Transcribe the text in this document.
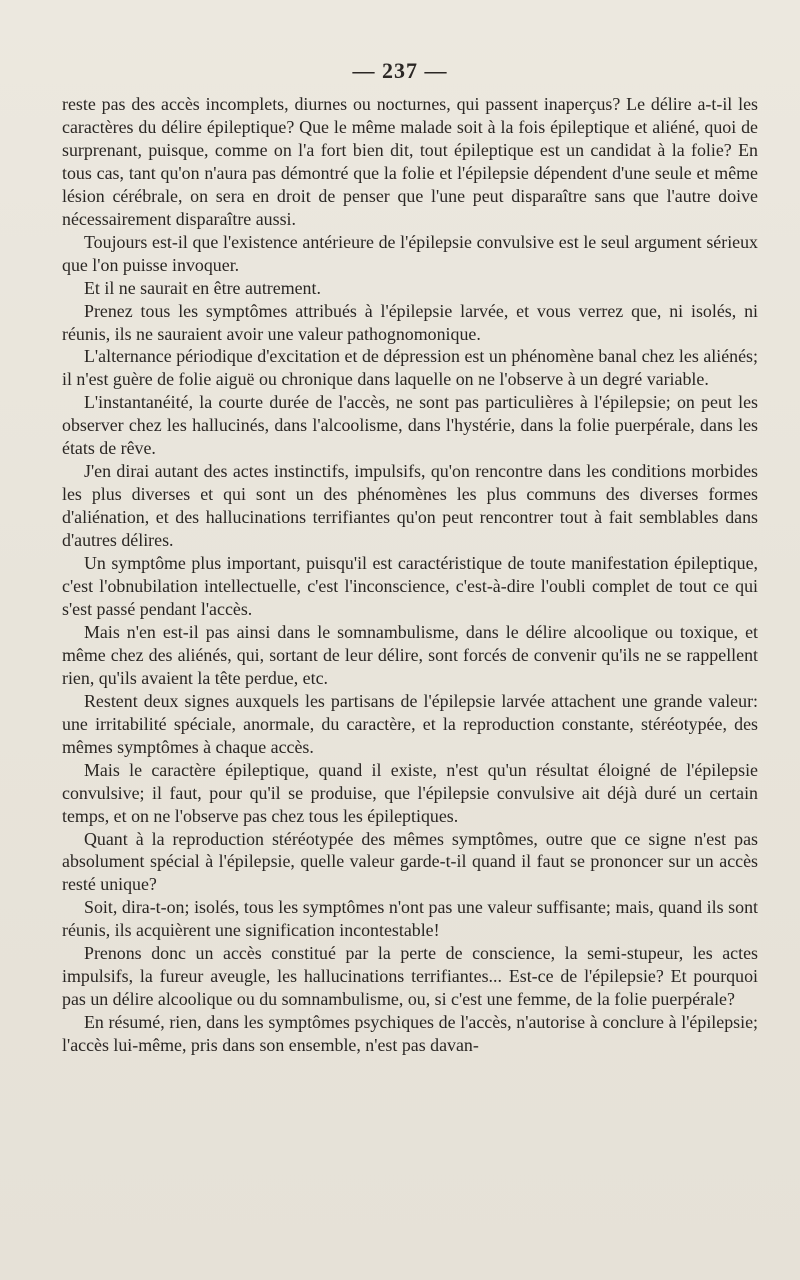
— 237 —

reste pas des accès incomplets, diurnes ou nocturnes, qui passent inaperçus? Le délire a-t-il les caractères du délire épileptique? Que le même malade soit à la fois épileptique et aliéné, quoi de surprenant, puisque, comme on l'a fort bien dit, tout épileptique est un candidat à la folie? En tous cas, tant qu'on n'aura pas démontré que la folie et l'épilepsie dépendent d'une seule et même lésion cérébrale, on sera en droit de penser que l'une peut disparaître sans que l'autre doive nécessairement disparaître aussi.

Toujours est-il que l'existence antérieure de l'épilepsie convulsive est le seul argument sérieux que l'on puisse invoquer.

Et il ne saurait en être autrement.

Prenez tous les symptômes attribués à l'épilepsie larvée, et vous verrez que, ni isolés, ni réunis, ils ne sauraient avoir une valeur pathognomonique.

L'alternance périodique d'excitation et de dépression est un phénomène banal chez les aliénés; il n'est guère de folie aiguë ou chronique dans laquelle on ne l'observe à un degré variable.

L'instantanéité, la courte durée de l'accès, ne sont pas particulières à l'épilepsie; on peut les observer chez les hallucinés, dans l'alcoolisme, dans l'hystérie, dans la folie puerpérale, dans les états de rêve.

J'en dirai autant des actes instinctifs, impulsifs, qu'on rencontre dans les conditions morbides les plus diverses et qui sont un des phénomènes les plus communs des diverses formes d'aliénation, et des hallucinations terrifiantes qu'on peut rencontrer tout à fait semblables dans d'autres délires.

Un symptôme plus important, puisqu'il est caractéristique de toute manifestation épileptique, c'est l'obnubilation intellectuelle, c'est l'inconscience, c'est-à-dire l'oubli complet de tout ce qui s'est passé pendant l'accès.

Mais n'en est-il pas ainsi dans le somnambulisme, dans le délire alcoolique ou toxique, et même chez des aliénés, qui, sortant de leur délire, sont forcés de convenir qu'ils ne se rappellent rien, qu'ils avaient la tête perdue, etc.

Restent deux signes auxquels les partisans de l'épilepsie larvée attachent une grande valeur: une irritabilité spéciale, anormale, du caractère, et la reproduction constante, stéréotypée, des mêmes symptômes à chaque accès.

Mais le caractère épileptique, quand il existe, n'est qu'un résultat éloigné de l'épilepsie convulsive; il faut, pour qu'il se produise, que l'épilepsie convulsive ait déjà duré un certain temps, et on ne l'observe pas chez tous les épileptiques.

Quant à la reproduction stéréotypée des mêmes symptômes, outre que ce signe n'est pas absolument spécial à l'épilepsie, quelle valeur garde-t-il quand il faut se prononcer sur un accès resté unique?

Soit, dira-t-on; isolés, tous les symptômes n'ont pas une valeur suffisante; mais, quand ils sont réunis, ils acquièrent une signification incontestable!

Prenons donc un accès constitué par la perte de conscience, la semi-stupeur, les actes impulsifs, la fureur aveugle, les hallucinations terrifiantes... Est-ce de l'épilepsie? Et pourquoi pas un délire alcoolique ou du somnambulisme, ou, si c'est une femme, de la folie puerpérale?

En résumé, rien, dans les symptômes psychiques de l'accès, n'autorise à conclure à l'épilepsie; l'accès lui-même, pris dans son ensemble, n'est pas davan-
